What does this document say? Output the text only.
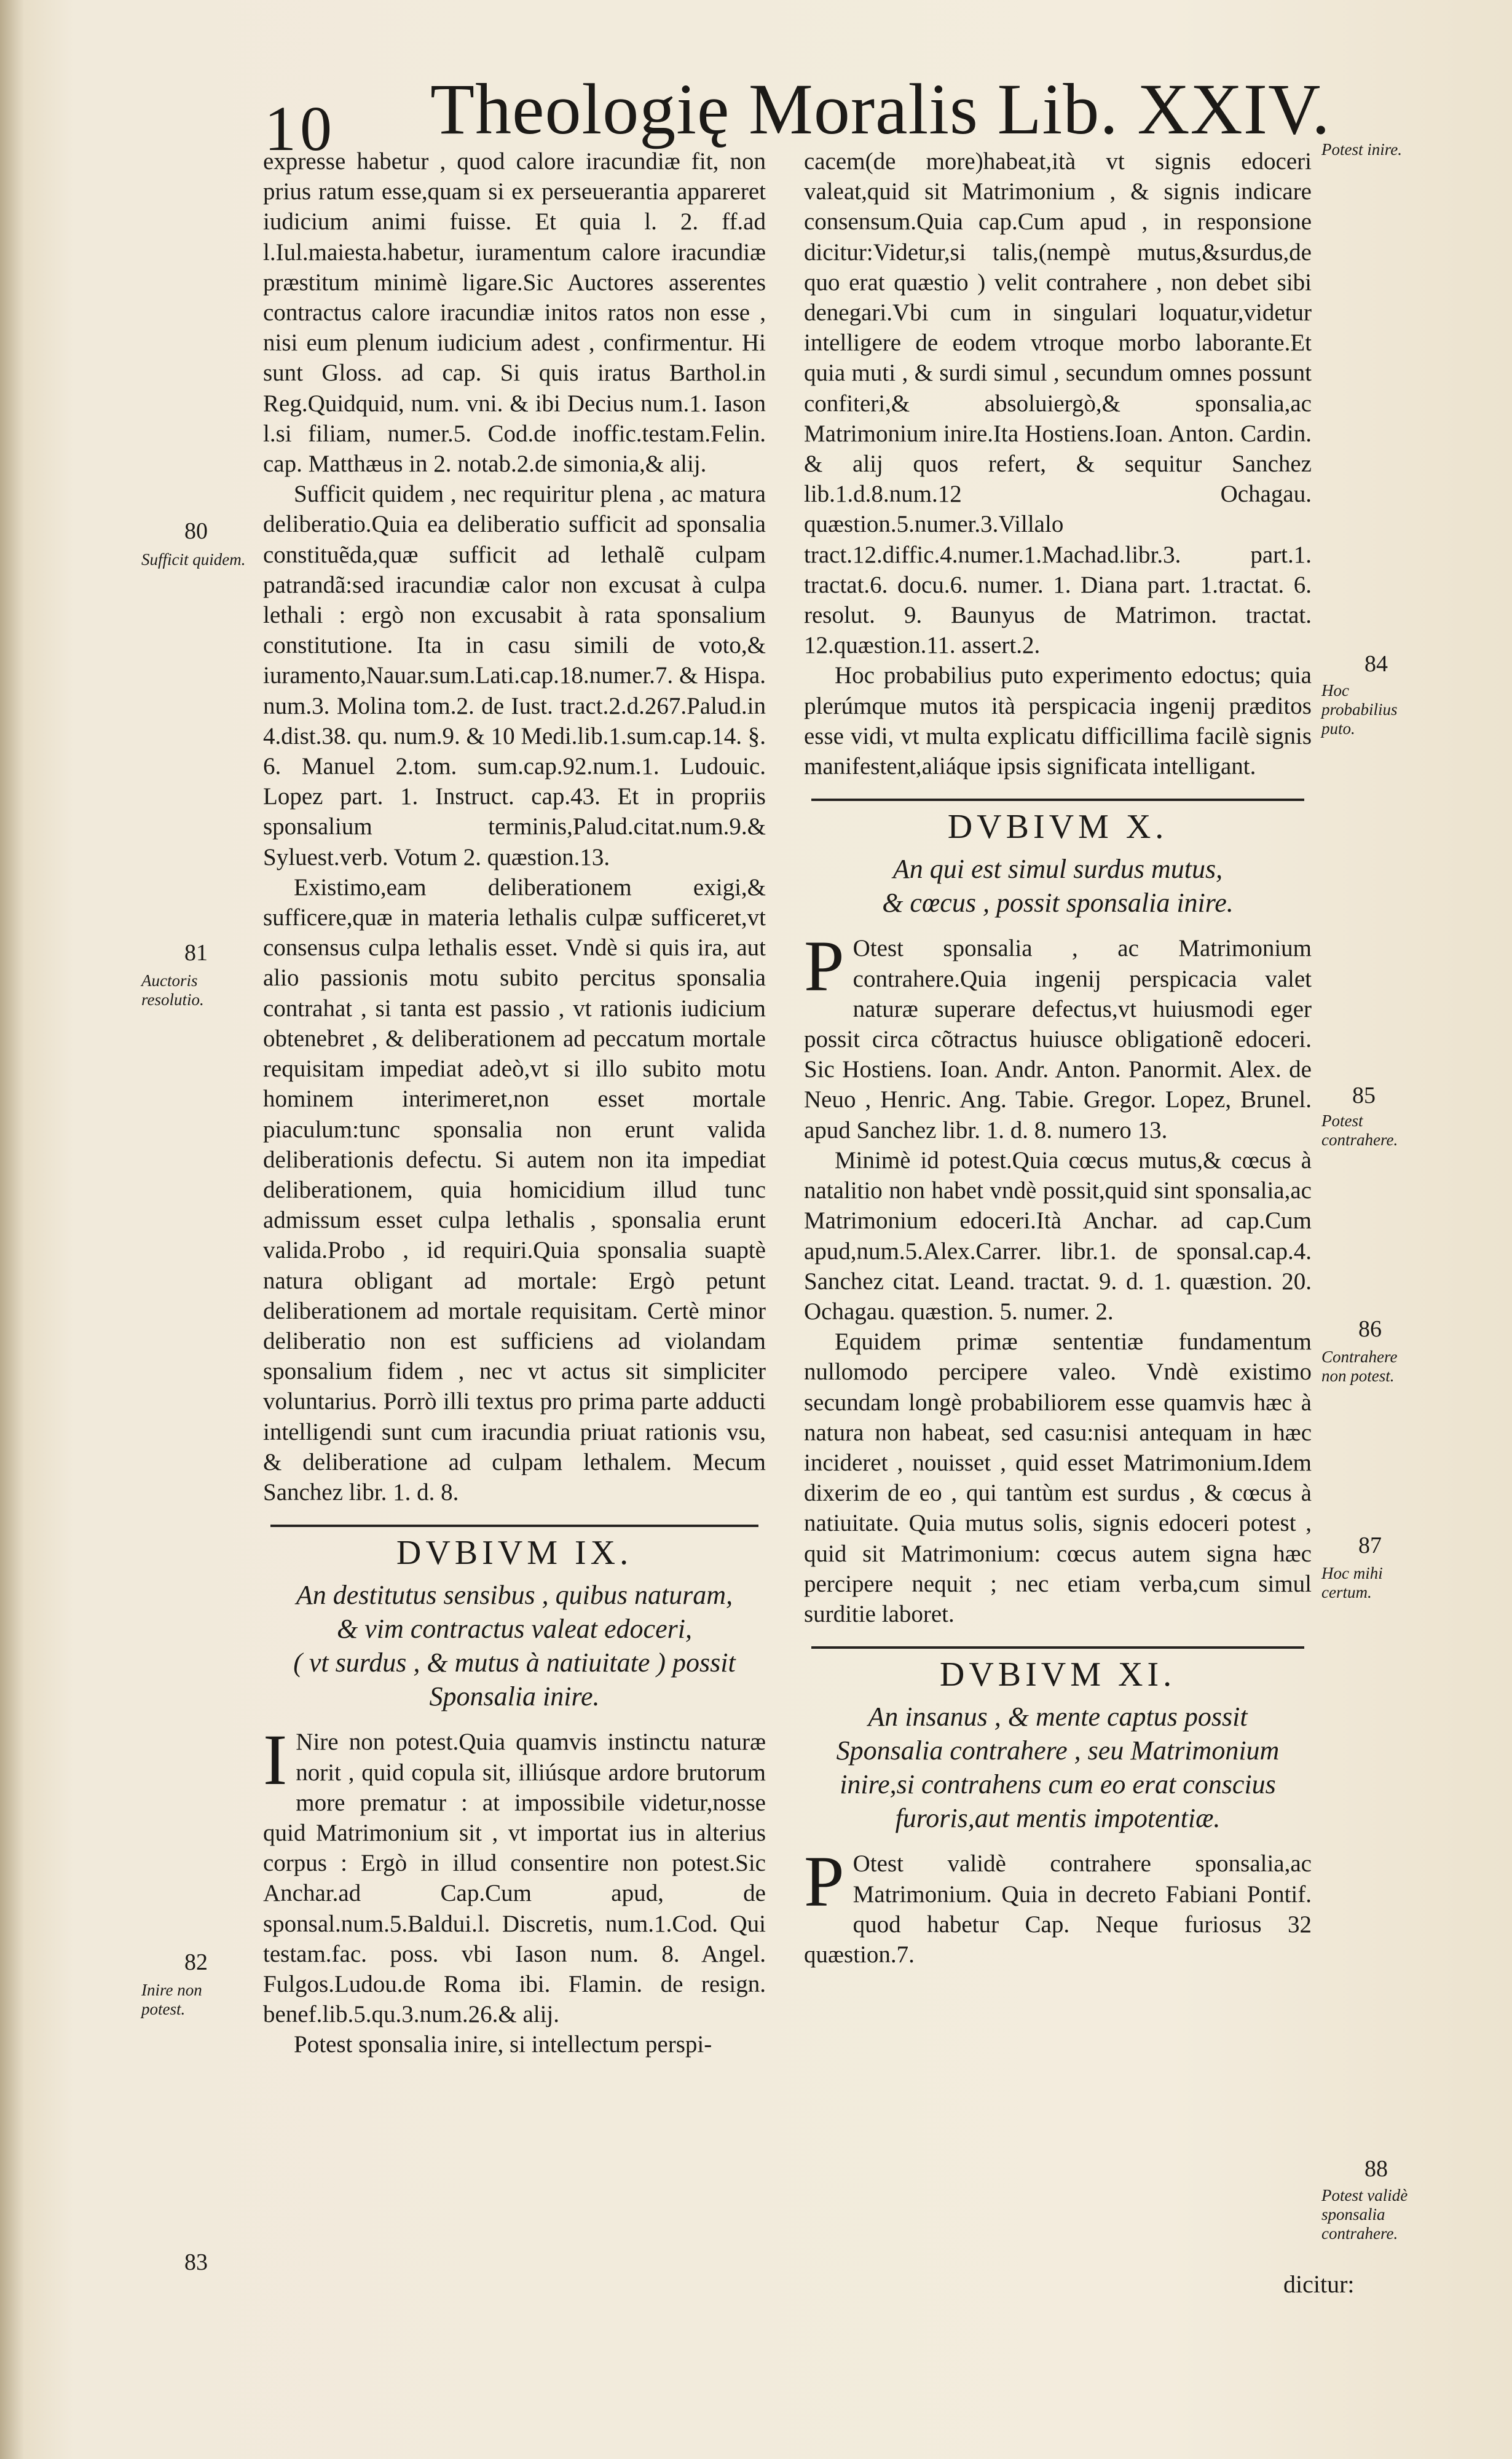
10 Theologię Moralis Lib. XXIV.

expresse habetur , quod calore iracundiæ fit, non prius ratum esse,quam si ex perseuerantia appareret iudicium animi fuisse. Et quia l. 2. ff.ad l.Iul.maiesta.habetur, iuramentum calore iracundiæ præstitum minimè ligare.Sic Auctores asserentes contractus calore iracundiæ initos ratos non esse , nisi eum plenum iudicium adest , confirmentur. Hi sunt Gloss. ad cap. Si quis iratus Barthol.in Reg.Quidquid, num. vni. & ibi Decius num.1. Iason l.si filiam, numer.5. Cod.de inoffic.testam.Felin. cap. Matthæus in 2. notab.2.de simonia,& alij.

Sufficit quidem , nec requiritur plena , ac matura deliberatio.Quia ea deliberatio sufficit ad sponsalia constituẽda,quæ sufficit ad lethalẽ culpam patrandã:sed iracundiæ calor non excusat à culpa lethali : ergò non excusabit à rata sponsalium constitutione. Ita in casu simili de voto,& iuramento,Nauar.sum.Lati.cap.18.numer.7. & Hispa. num.3. Molina tom.2. de Iust. tract.2.d.267.Palud.in 4.dist.38. qu. num.9. & 10 Medi.lib.1.sum.cap.14. §. 6. Manuel 2.tom. sum.cap.92.num.1. Ludouic. Lopez part. 1. Instruct. cap.43. Et in propriis sponsalium terminis,Palud.citat.num.9.& Syluest.verb. Votum 2. quæstion.13.

Existimo,eam deliberationem exigi,& sufficere,quæ in materia lethalis culpæ sufficeret,vt consensus culpa lethalis esset. Vndè si quis ira, aut alio passionis motu subito percitus sponsalia contrahat , si tanta est passio , vt rationis iudicium obtenebret , & deliberationem ad peccatum mortale requisitam impediat adeò,vt si illo subito motu hominem interimeret,non esset mortale piaculum:tunc sponsalia non erunt valida deliberationis defectu. Si autem non ita impediat deliberationem, quia homicidium illud tunc admissum esset culpa lethalis , sponsalia erunt valida.Probo , id requiri.Quia sponsalia suaptè natura obligant ad mortale: Ergò petunt deliberationem ad mortale requisitam. Certè minor deliberatio non est sufficiens ad violandam sponsalium fidem , nec vt actus sit simpliciter voluntarius. Porrò illi textus pro prima parte adducti intelligendi sunt cum iracundia priuat rationis vsu, & deliberatione ad culpam lethalem. Mecum Sanchez libr. 1. d. 8.

DVBIVM IX.
An destitutus sensibus , quibus naturam,
& vim contractus valeat edoceri,
( vt surdus , & mutus à natiuitate ) possit Sponsalia inire.

I Nire non potest.Quia quamvis instinctu naturæ norit , quid copula sit, illiúsque ardore brutorum more prematur : at impossibile videtur,nosse quid Matrimonium sit , vt importat ius in alterius corpus : Ergò in illud consentire non potest.Sic Anchar.ad Cap.Cum apud, de sponsal.num.5.Baldui.l. Discretis, num.1.Cod. Qui testam.fac. poss. vbi Iason num. 8. Angel. Fulgos.Ludou.de Roma ibi. Flamin. de resign. benef.lib.5.qu.3.num.26.& alij.

Potest sponsalia inire, si intellectum perspi-

cacem(de more)habeat,ità vt signis edoceri valeat,quid sit Matrimonium , & signis indicare consensum.Quia cap.Cum apud , in responsione dicitur:Videtur,si talis,(nempè mutus,&surdus,de quo erat quæstio ) velit contrahere , non debet sibi denegari.Vbi cum in singulari loquatur,videtur intelligere de eodem vtroque morbo laborante.Et quia muti , & surdi simul , secundum omnes possunt confiteri,& absoluiergò,& sponsalia,ac Matrimonium inire.Ita Hostiens.Ioan. Anton. Cardin. & alij quos refert, & sequitur Sanchez lib.1.d.8.num.12 Ochagau. quæstion.5.numer.3.Villalo tract.12.diffic.4.numer.1.Machad.libr.3. part.1. tractat.6. docu.6. numer. 1. Diana part. 1.tractat. 6. resolut. 9. Baunyus de Matrimon. tractat. 12.quæstion.11. assert.2.

Hoc probabilius puto experimento edoctus; quia plerúmque mutos ità perspicacia ingenij præditos esse vidi, vt multa explicatu difficillima facilè signis manifestent,aliáque ipsis significata intelligant.

DVBIVM X.
An qui est simul surdus mutus,
& cœcus , possit sponsalia inire.

P Otest sponsalia , ac Matrimonium contrahere.Quia ingenij perspicacia valet naturæ superare defectus,vt huiusmodi eger possit circa cõtractus huiusce obligationẽ edoceri. Sic Hostiens. Ioan. Andr. Anton. Panormit. Alex. de Neuo , Henric. Ang. Tabie. Gregor. Lopez, Brunel. apud Sanchez libr. 1. d. 8. numero 13.

Minimè id potest.Quia cœcus mutus,& cœcus à natalitio non habet vndè possit,quid sint sponsalia,ac Matrimonium edoceri.Ità Anchar. ad cap.Cum apud,num.5.Alex.Carrer. libr.1. de sponsal.cap.4. Sanchez citat. Leand. tractat. 9. d. 1. quæstion. 20. Ochagau. quæstion. 5. numer. 2.

Equidem primæ sententiæ fundamentum nullomodo percipere valeo. Vndè existimo secundam longè probabiliorem esse quamvis hæc à natura non habeat, sed casu:nisi antequam in hæc incideret , nouisset , quid esset Matrimonium.Idem dixerim de eo , qui tantùm est surdus , & cœcus à natiuitate. Quia mutus solis, signis edoceri potest , quid sit Matrimonium: cœcus autem signa hæc percipere nequit ; nec etiam verba,cum simul surditie laboret.

DVBIVM XI.
An insanus , & mente captus possit Sponsalia contrahere , seu Matrimonium inire,si contrahens cum eo erat conscius furoris,aut mentis impotentiæ.

P Otest validè contrahere sponsalia,ac Matrimonium. Quia in decreto Fabiani Pontif. quod habetur Cap. Neque furiosus 32 quæstion.7.

80
Sufficit quidem.
81
Auctoris resolutio.
82
Inire non potest.
83
Potest inire.
84
Hoc probabilius puto.
85
Potest contrahere.
86
Contrahere non potest.
87
Hoc mihi certum.
88
Potest validè sponsalia contrahere.
dicitur:
